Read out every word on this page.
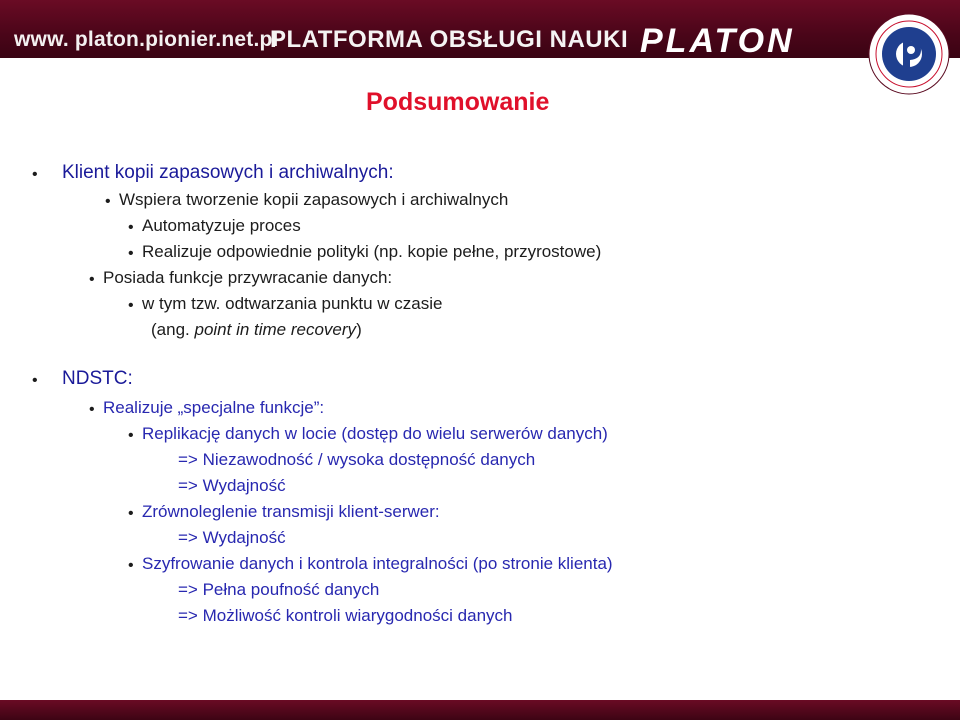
www. platon.pionier.net.pl
PLATFORMA OBSŁUGI NAUKI PLATON
Podsumowanie
• Klient kopii zapasowych i archiwalnych:
• Wspiera tworzenie kopii zapasowych i archiwalnych
• Automatyzuje proces
• Realizuje odpowiednie polityki (np. kopie pełne, przyrostowe)
• Posiada funkcje przywracanie danych:
• w tym tzw. odtwarzania punktu w czasie
(ang. point in time recovery)
• NDSTC:
• Realizuje „specjalne funkcje”:
• Replikację danych w locie (dostęp do wielu serwerów danych)
=> Niezawodność / wysoka dostępność danych
=> Wydajność
• Zrównoleglenie transmisji klient-serwer:
=> Wydajność
• Szyfrowanie danych i kontrola integralności (po stronie klienta)
=> Pełna poufność danych
=> Możliwość kontroli wiarygodności danych
